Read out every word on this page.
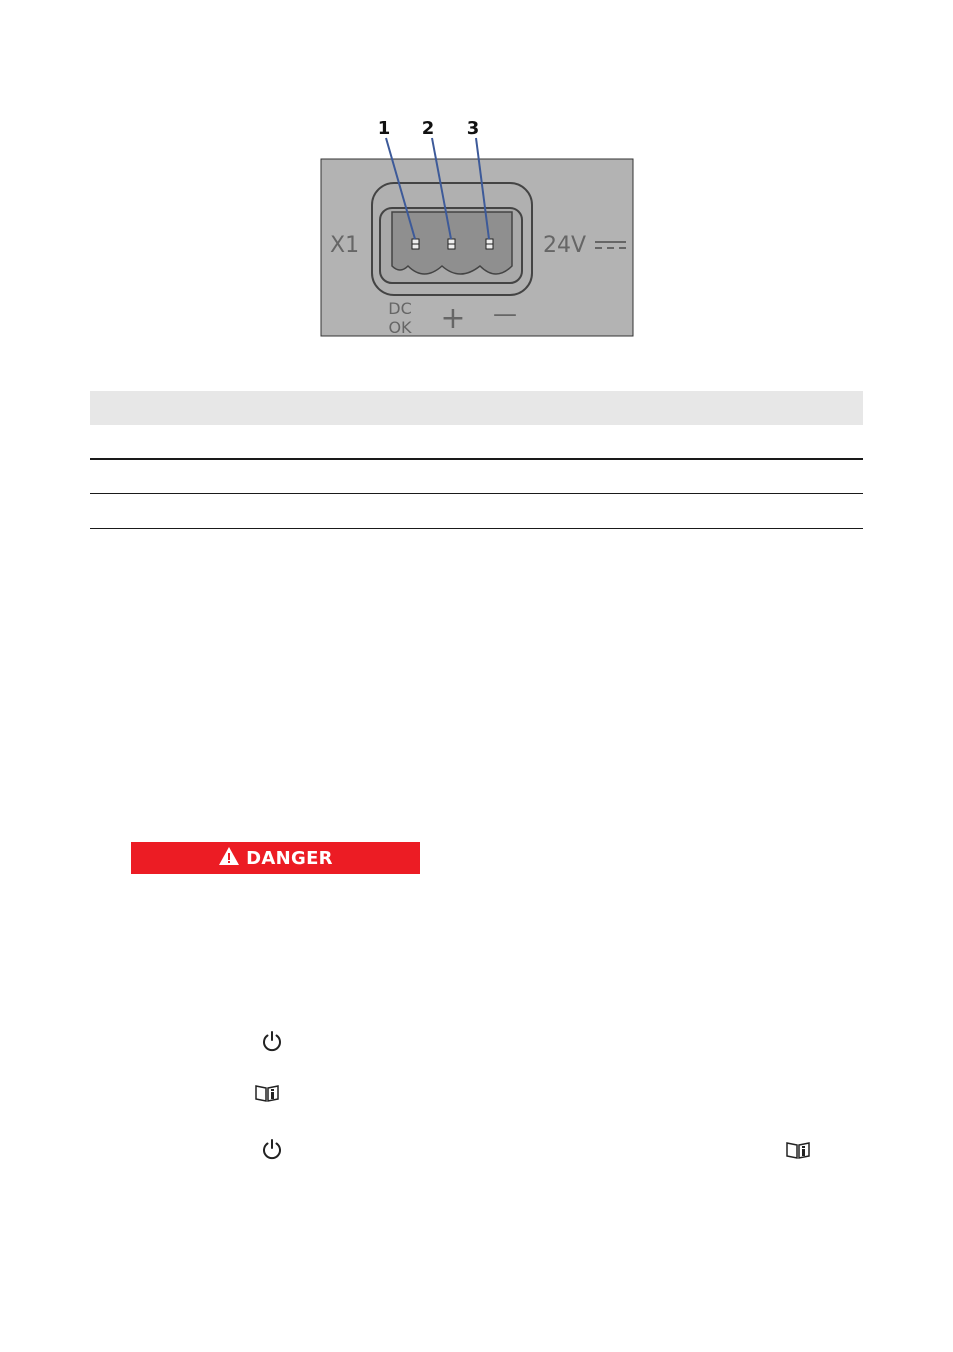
1 2 3
X1	24V
DC
OK + —
DANGER
